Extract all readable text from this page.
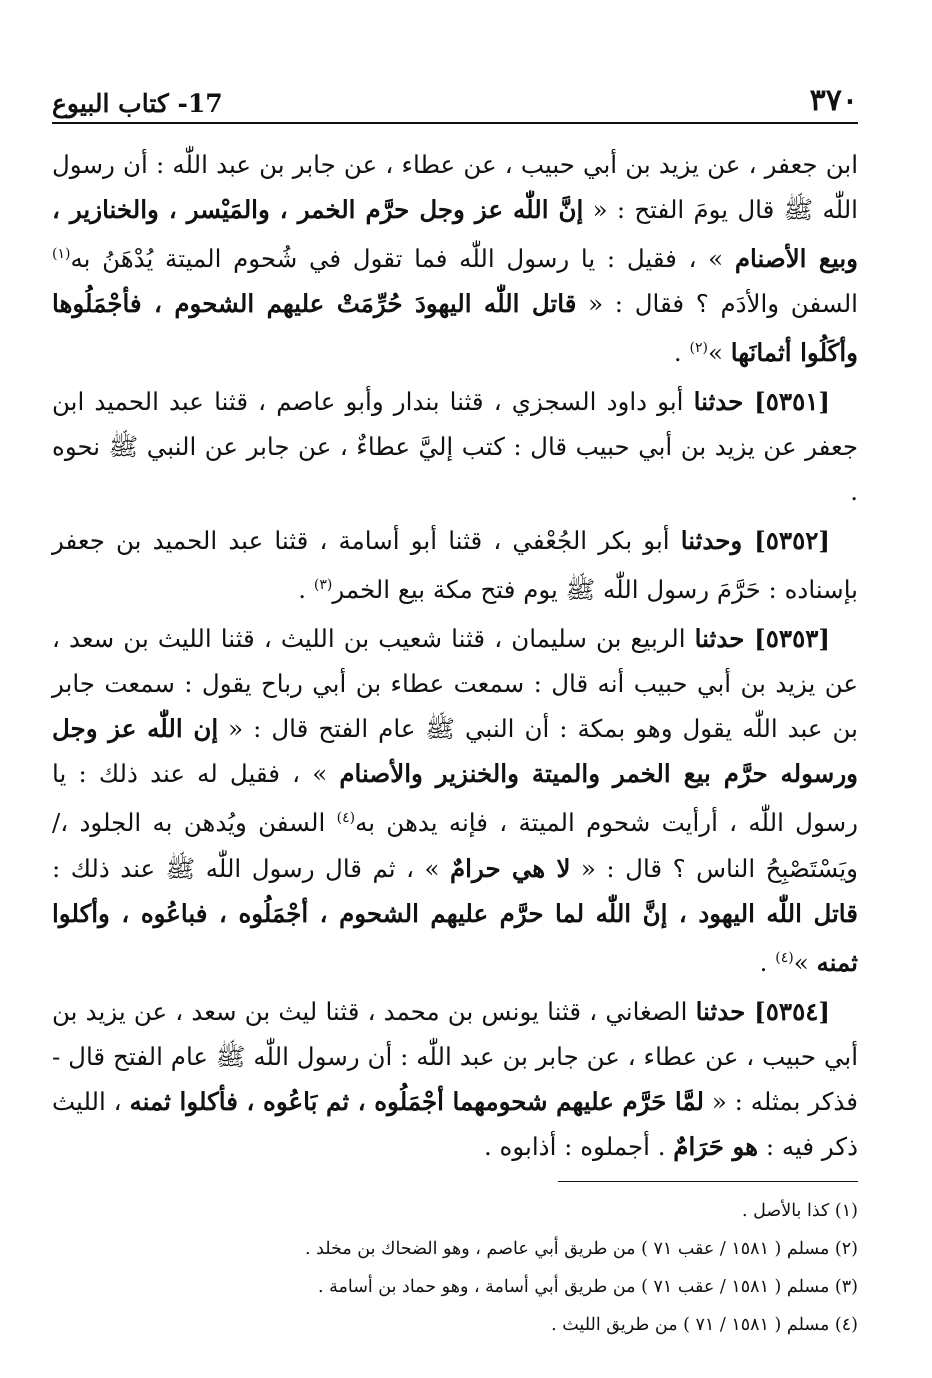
٣٧٠
17- كتاب البيوع

ابن جعفر ، عن يزيد بن أبي حبيب ، عن عطاء ، عن جابر بن عبد اللّٰه : أن رسول اللّٰه ﷺ قال يومَ الفتح : « إنَّ اللّٰه عز وجل حرَّم الخمر ، والمَيْسر ، والخنازير ، وبيع الأصنام » ، فقيل : يا رسول اللّٰه فما تقول في شُحوم الميتة يُدْهَنُ به$^{(١)}$ السفن والأدَم ؟ فقال : « قاتل اللّٰه اليهودَ حُرِّمَتْ عليهم الشحوم ، فأجْمَلُوها وأكَلُوا أثمانَها »$^{(٢)}$ .

[٥٣٥١] حدثنا أبو داود السجزي ، قثنا بندار وأبو عاصم ، قثنا عبد الحميد ابن جعفر عن يزيد بن أبي حبيب قال : كتب إليَّ عطاءٌ ، عن جابر عن النبي ﷺ نحوه .

[٥٣٥٢] وحدثنا أبو بكر الجُعْفي ، قثنا أبو أسامة ، قثنا عبد الحميد بن جعفر بإسناده : حَرَّمَ رسول اللّٰه ﷺ يوم فتح مكة بيع الخمر$^{(٣)}$ .

[٥٣٥٣] حدثنا الربيع بن سليمان ، قثنا شعيب بن الليث ، قثنا الليث بن سعد ، عن يزيد بن أبي حبيب أنه قال : سمعت عطاء بن أبي رباح يقول : سمعت جابر بن عبد اللّٰه يقول وهو بمكة : أن النبي ﷺ عام الفتح قال : « إن اللّٰه عز وجل ورسوله حرَّم بيع الخمر والميتة والخنزير والأصنام » ، فقيل له عند ذلك : يا رسول اللّٰه ، أرأيت شحوم الميتة ، فإنه يدهن به$^{(٤)}$ السفن ويُدهن به الجلود ،/ ويَسْتَصْبِحُ الناس ؟ قال : « لا هي حرامٌ » ، ثم قال رسول اللّٰه ﷺ عند ذلك : قاتل اللّٰه اليهود ، إنَّ اللّٰه لما حرَّم عليهم الشحوم ، أجْمَلُوه ، فباعُوه ، وأكلوا ثمنه »$^{(٤)}$ .

[٥٣٥٤] حدثنا الصغاني ، قثنا يونس بن محمد ، قثنا ليث بن سعد ، عن يزيد بن أبي حبيب ، عن عطاء ، عن جابر بن عبد اللّٰه : أن رسول اللّٰه ﷺ عام الفتح قال - فذكر بمثله : « لمَّا حَرَّم عليهم شحومهما أجْمَلُوه ، ثم بَاعُوه ، فأكلوا ثمنه ، الليث ذكر فيه : هو حَرَامٌ . أجملوه : أذابوه .

(١) كذا بالأصل .
(٢) مسلم ( ١٥٨١ / عقب ٧١ ) من طريق أبي عاصم ، وهو الضحاك بن مخلد .
(٣) مسلم ( ١٥٨١ / عقب ٧١ ) من طريق أبي أسامة ، وهو حماد بن أسامة .
(٤) مسلم ( ١٥٨١ / ٧١ ) من طريق الليث .
